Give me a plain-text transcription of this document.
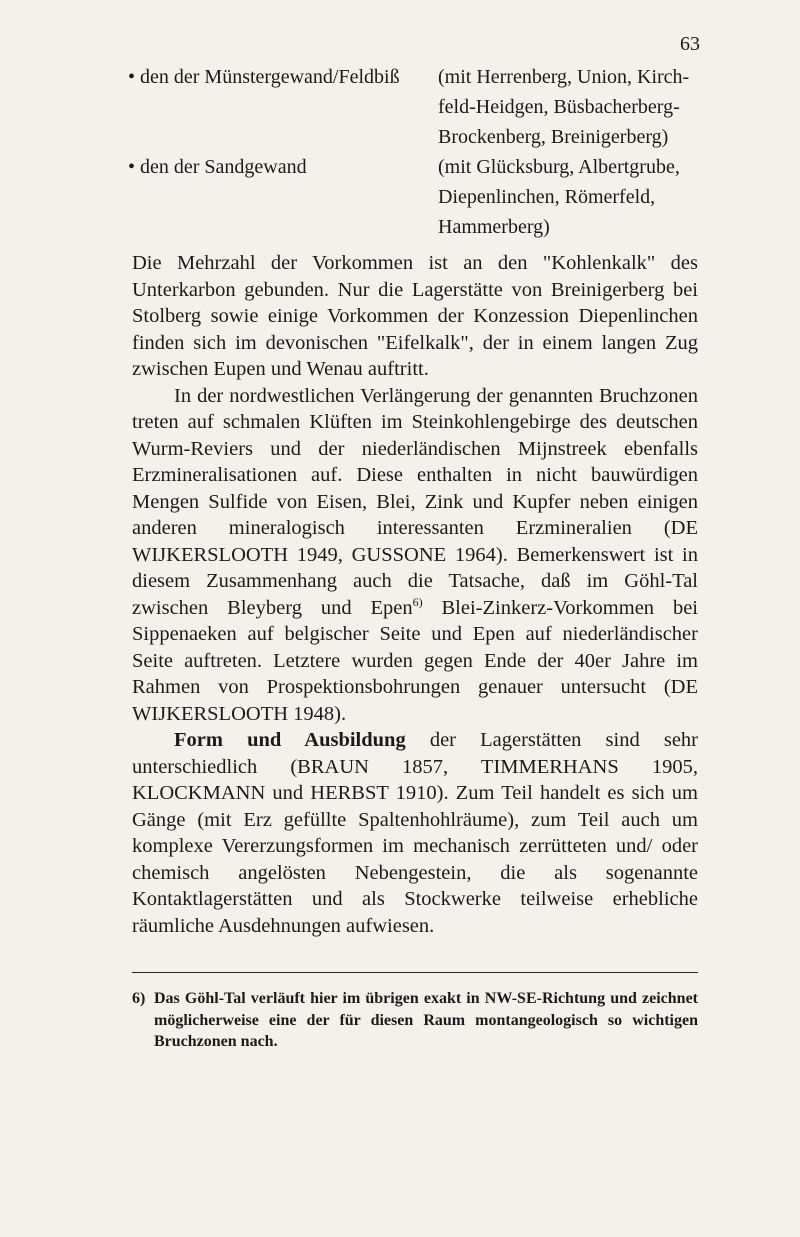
63
• den der Münstergewand/Feldbiß (mit Herrenberg, Union, Kirch-
feld-Heidgen, Büsbacherberg-
Brockenberg, Breinigerberg)
• den der Sandgewand	(mit Glücksburg, Albertgrube,
Diepenlinchen, Römerfeld,
Hammerberg)

Die Mehrzahl der Vorkommen ist an den "Kohlenkalk" des Unterkarbon gebunden. Nur die Lagerstätte von Breinigerberg bei Stolberg sowie einige Vorkommen der Konzession Diepenlinchen finden sich im devonischen "Eifelkalk", der in einem langen Zug zwischen Eupen und Wenau auftritt.

In der nordwestlichen Verlängerung der genannten Bruchzonen treten auf schmalen Klüften im Steinkohlengebirge des deutschen Wurm-Reviers und der niederländischen Mijnstreek ebenfalls Erzmineralisationen auf. Diese enthalten in nicht bauwürdigen Mengen Sulfide von Eisen, Blei, Zink und Kupfer neben einigen anderen mineralogisch interessanten Erzmineralien (DE WIJKERSLOOTH 1949, GUSSONE 1964). Bemerkenswert ist in diesem Zusammenhang auch die Tatsache, daß im Göhl-Tal zwischen Bleyberg und Epen$^{6)}$ Blei-Zinkerz-Vorkommen bei Sippenaeken auf belgischer Seite und Epen auf niederländischer Seite auftreten. Letztere wurden gegen Ende der 40er Jahre im Rahmen von Prospektionsbohrungen genauer untersucht (DE WIJKERSLOOTH 1948).

Form und Ausbildung der Lagerstätten sind sehr unterschiedlich (BRAUN 1857, TIMMERHANS 1905, KLOCKMANN und HERBST 1910). Zum Teil handelt es sich um Gänge (mit Erz gefüllte Spaltenhohlräume), zum Teil auch um komplexe Vererzungsformen im mechanisch zerrütteten und/ oder chemisch angelösten Nebengestein, die als sogenannte Kontaktlagerstätten und als Stockwerke teilweise erhebliche räumliche Ausdehnungen aufwiesen.

6) Das Göhl-Tal verläuft hier im übrigen exakt in NW-SE-Richtung und zeichnet möglicherweise eine der für diesen Raum montangeologisch so wichtigen Bruchzonen nach.
